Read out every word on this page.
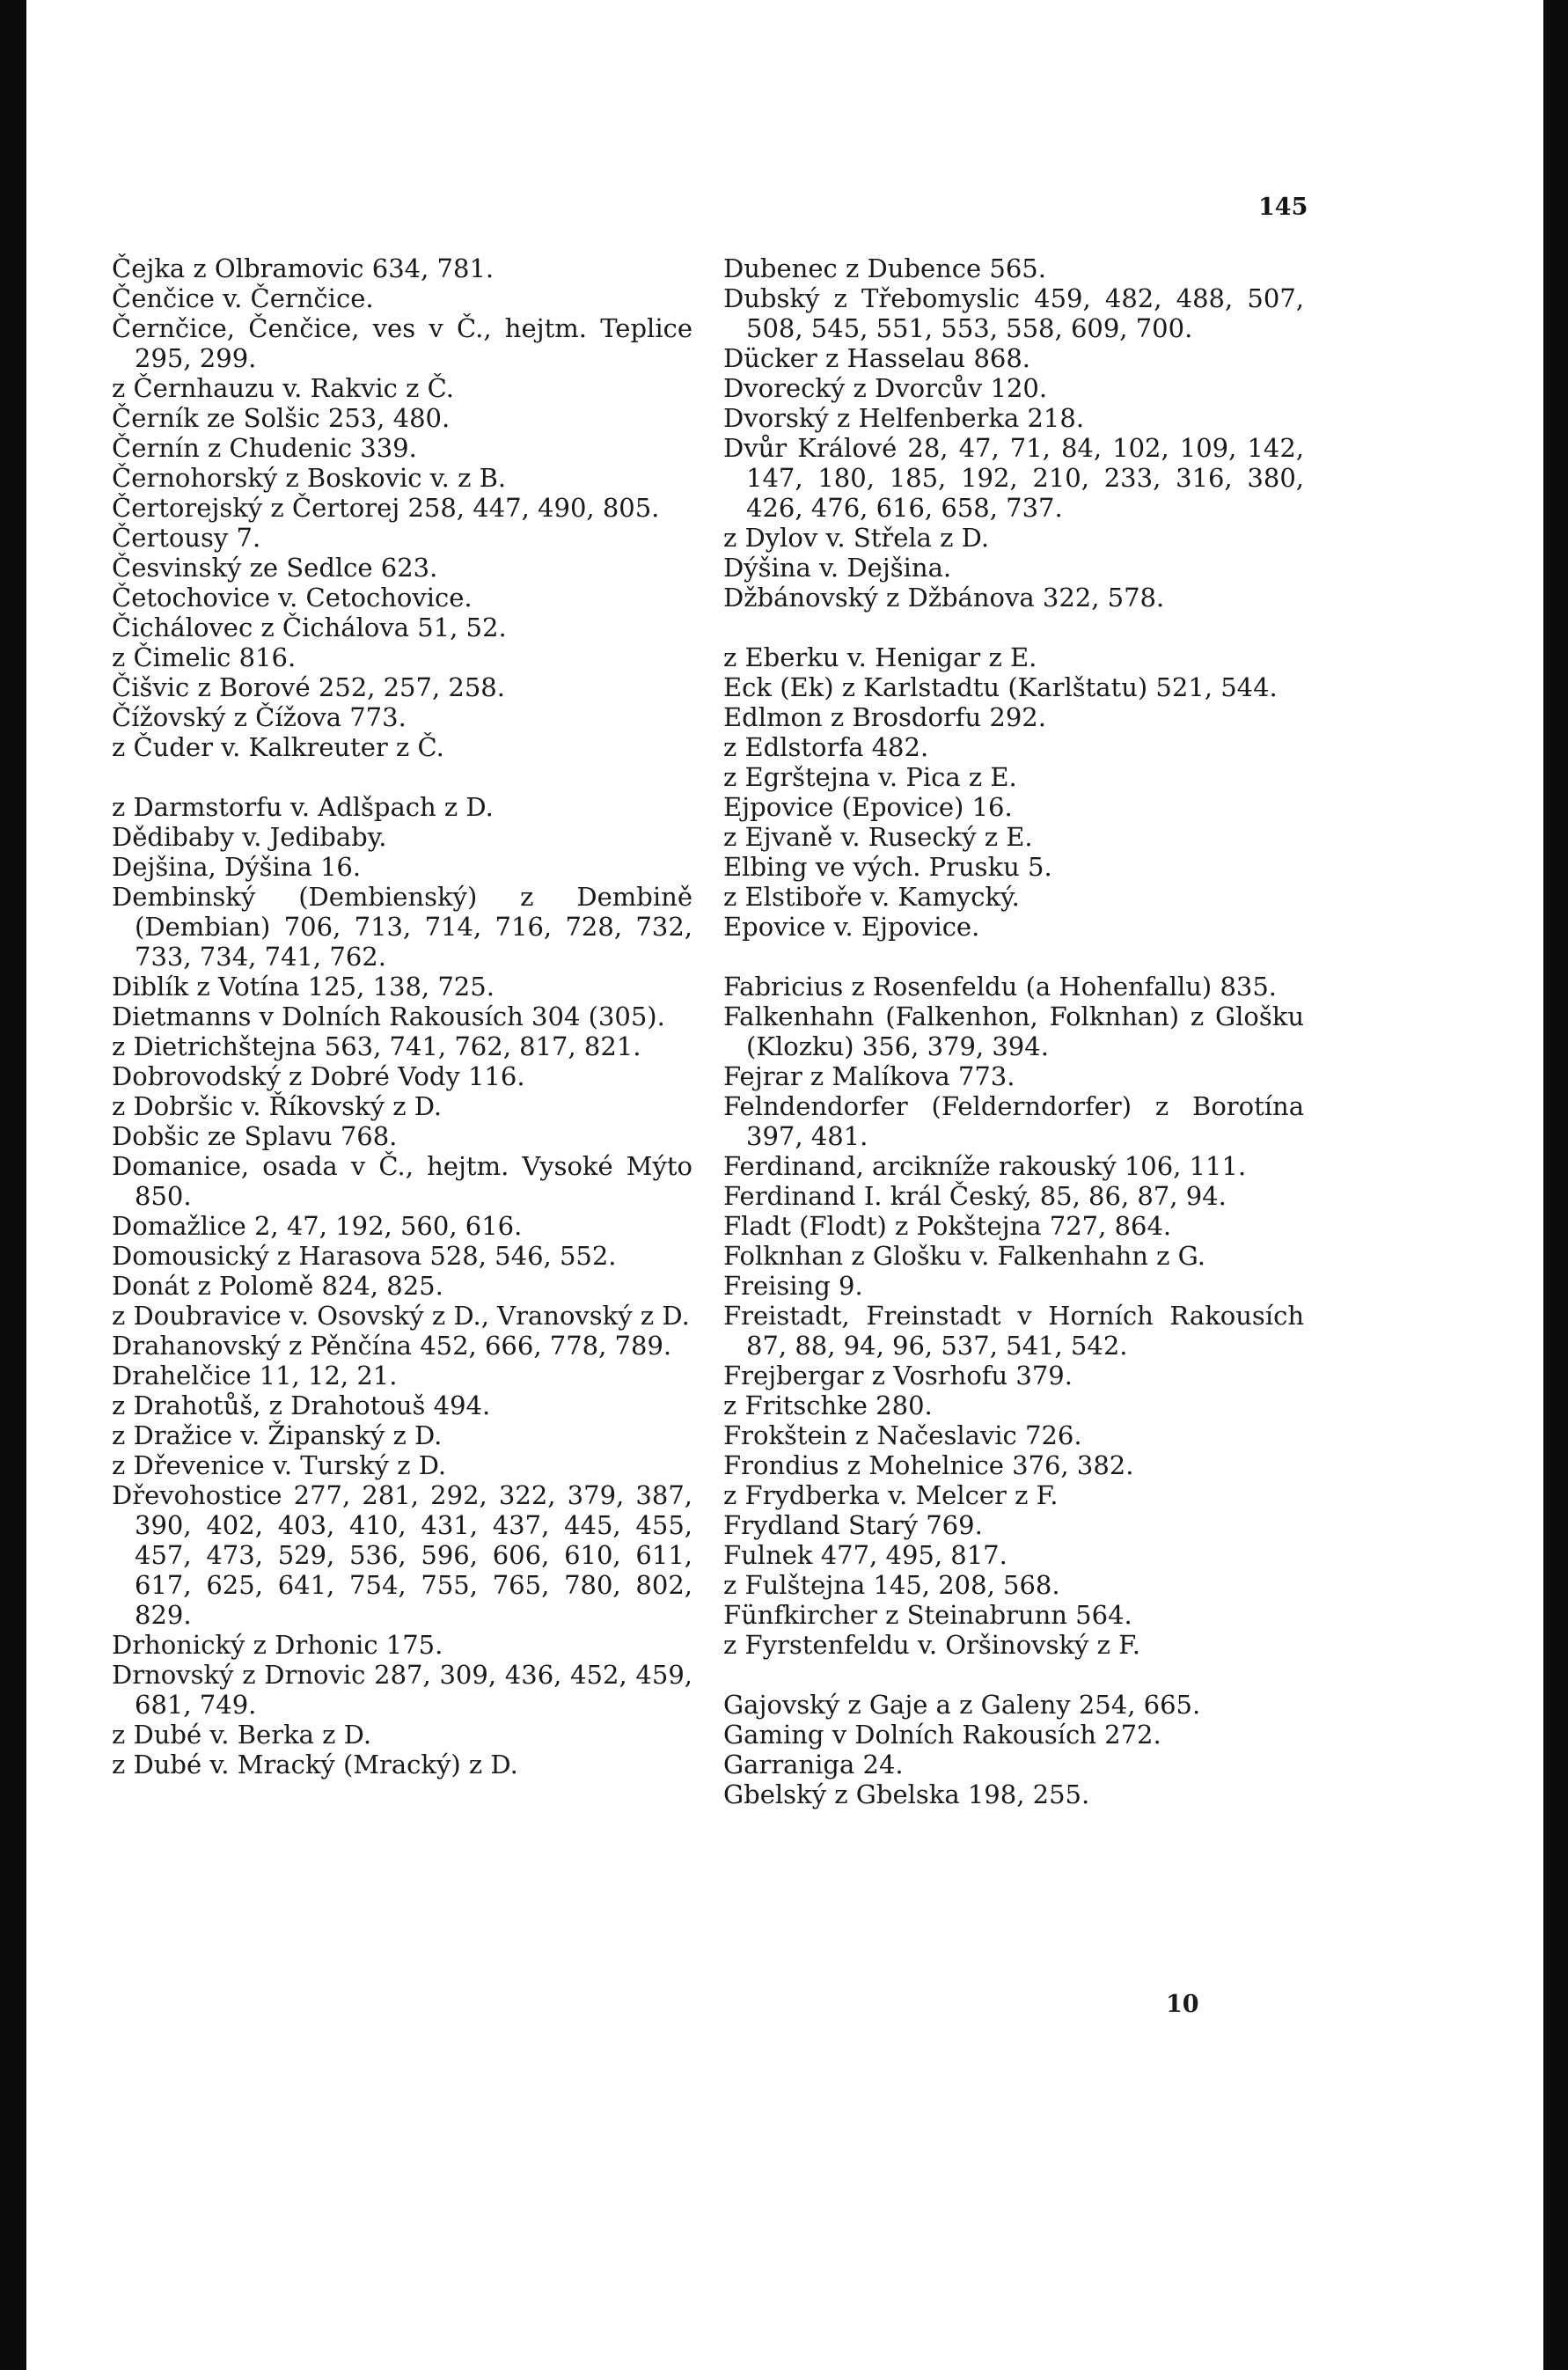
145
Čejka z Olbramovic 634, 781.
Čenčice v. Černčice.
Černčice, Čenčice, ves v Č., hejtm. Teplice 295, 299.
z Černhauzu v. Rakvic z Č.
Černík ze Solšic 253, 480.
Černín z Chudenic 339.
Černohorský z Boskovic v. z B.
Čertorejský z Čertorej 258, 447, 490, 805.
Čertousy 7.
Česvinský ze Sedlce 623.
Četochovice v. Cetochovice.
Čichálovec z Čichálova 51, 52.
z Čimelic 816.
Čišvic z Borové 252, 257, 258.
Čížovský z Čížova 773.
z Čuder v. Kalkreuter z Č.
z Darmstorfu v. Adlšpach z D.
Dědibaby v. Jedibaby.
Dejšina, Dýšina 16.
Dembinský (Dembienský) z Dembině (Dembian) 706, 713, 714, 716, 728, 732, 733, 734, 741, 762.
Diblík z Votína 125, 138, 725.
Dietmanns v Dolních Rakousích 304 (305).
z Dietrichštejna 563, 741, 762, 817, 821.
Dobrovodský z Dobré Vody 116.
z Dobršic v. Říkovský z D.
Dobšic ze Splavu 768.
Domanice, osada v Č., hejtm. Vysoké Mýto 850.
Domažlice 2, 47, 192, 560, 616.
Domousický z Harasova 528, 546, 552.
Donát z Polomě 824, 825.
z Doubravice v. Osovský z D., Vranovský z D.
Drahanovský z Pěnčína 452, 666, 778, 789.
Drahelčice 11, 12, 21.
z Drahotůš, z Drahotouš 494.
z Dražice v. Žipanský z D.
z Dřevenice v. Turský z D.
Dřevohostice 277, 281, 292, 322, 379, 387, 390, 402, 403, 410, 431, 437, 445, 455, 457, 473, 529, 536, 596, 606, 610, 611, 617, 625, 641, 754, 755, 765, 780, 802, 829.
Drhonický z Drhonic 175.
Drnovský z Drnovic 287, 309, 436, 452, 459, 681, 749.
z Dubé v. Berka z D.
z Dubé v. Mracký (Mracký) z D.
Dubenec z Dubence 565.
Dubský z Třebomyslic 459, 482, 488, 507, 508, 545, 551, 553, 558, 609, 700.
Dücker z Hasselau 868.
Dvorecký z Dvorcův 120.
Dvorský z Helfenberka 218.
Dvůr Králové 28, 47, 71, 84, 102, 109, 142, 147, 180, 185, 192, 210, 233, 316, 380, 426, 476, 616, 658, 737.
z Dylov v. Střela z D.
Dýšina v. Dejšina.
Džbánovský z Džbánova 322, 578.
z Eberku v. Henigar z E.
Eck (Ek) z Karlstadtu (Karlštatu) 521, 544.
Edlmon z Brosdorfu 292.
z Edlstorfa 482.
z Egrštejna v. Pica z E.
Ejpovice (Epovice) 16.
z Ejvaně v. Rusecký z E.
Elbing ve vých. Prusku 5.
z Elstiboře v. Kamycký.
Epovice v. Ejpovice.
Fabricius z Rosenfeldu (a Hohenfallu) 835.
Falkenhahn (Falkenhon, Folknhan) z Glošku (Klozku) 356, 379, 394.
Fejrar z Malíkova 773.
Felndendorfer (Felderndorfer) z Borotína 397, 481.
Ferdinand, arcikníže rakouský 106, 111.
Ferdinand I. král Český, 85, 86, 87, 94.
Fladt (Flodt) z Pokštejna 727, 864.
Folknhan z Glošku v. Falkenhahn z G.
Freising 9.
Freistadt, Freinstadt v Horních Rakousích 87, 88, 94, 96, 537, 541, 542.
Frejbergar z Vosrhofu 379.
z Fritschke 280.
Frokštein z Načeslavic 726.
Frondius z Mohelnice 376, 382.
z Frydberka v. Melcer z F.
Frydland Starý 769.
Fulnek 477, 495, 817.
z Fulštejna 145, 208, 568.
Fünfkircher z Steinabrunn 564.
z Fyrstenfeldu v. Oršinovský z F.
Gajovský z Gaje a z Galeny 254, 665.
Gaming v Dolních Rakousích 272.
Garraniga 24.
Gbelský z Gbelska 198, 255.
10
